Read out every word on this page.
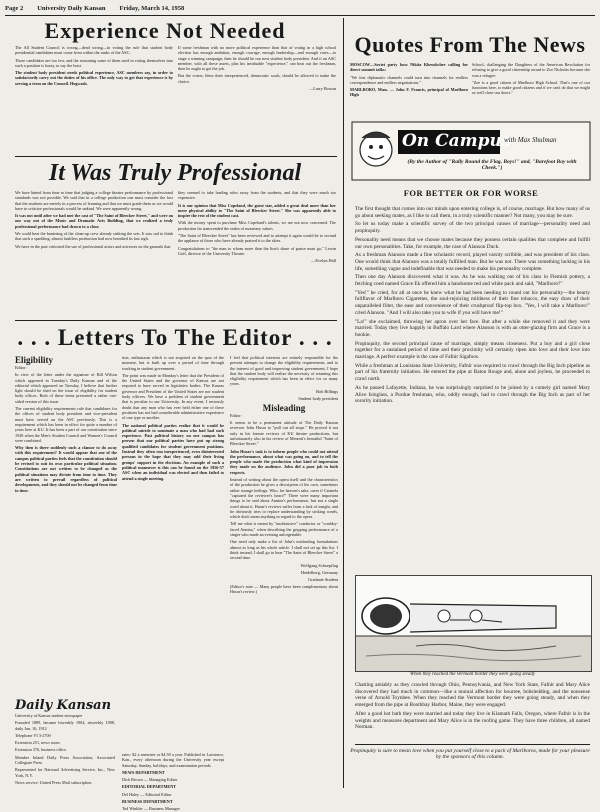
Page 2 University Daily Kansan Friday, March 14, 1958
Experience Not Needed

The All Student Council is wrong—dead wrong—in voting the rule that student body presidential candidates must come from within the ranks of the ASC.

Those candidates are too few, and the reasoning some of them used in voting themselves into such a position is fuzzy, to say the least.

The student body president needs political experience, ASC members say, in order to satisfactorily carry out the duties of his office. The only way to get that experience is by serving a term on the Council. Hogwash.

If some freshman with no more political experience than that of voting in a high school election has enough ambition, enough courage, enough leadership—and enough votes—to stage a winning campaign, then he should be our next student body president. And if an ASC member, with all these assets, plus his invaluable "experience," can beat out the freshman, then he ought to get the job.

But the voters, bless their inexperienced, democratic souls, should be allowed to make the choice.

—Larry Boston

It Was Truly Professional

We have hinted from time to time that judging a college theater performance by professional standards was not possible. We said that in a college production one must consider the fact that the students are merely in a process of learning and that we must grade them as we would have to criticize professionals would be unkind. We were apparently wrong.

It was not until after we had met the cast of "The Saint of Bleecker Street," and were on our way out of the Music and Dramatic Arts Building, that we realized a truly professional performance had drawn to a close.

We could hear the bantering of the clean-up crew already striking the sets. It was sad to think that such a sparkling, almost faultless production had now breathed its last sigh.

We have in the past criticized the use of professional actors and actresses on the grounds that

they seemed to take leading roles away from the students, and that they were much too expensive.

It is our opinion that Miss Copeland, the guest star, added a great deal more than her mere physical ability to "The Saint of Bleecker Street." She was apparently able to inspire the rest of the student cast.

With the money spent to purchase Miss Copeland's talents, we are not now concerned. The production far transcended the realm of monetary values.

"The Saint of Bleecker Street" has been reviewed and to attempt it again would be to second the applause of those who have already praised it to the skies.

Congratulations to "the man to whom more than the lion's share of praise must go," Lewin Goff, director of the University Theatre.

—Evelyn Hall

. . . Letters To The Editor . . .
Eligibility

Editor:

In view of the letter under the signature of Bill Wilson which appeared in Tuesday's Daily Kansan and of the editorial which appeared on Tuesday, I believe that further light should be shed on the issue of eligibility for student body offices. Both of these items presented a rather one-sided version of this issue.

The current eligibility requirements rule that candidates for the offices of student body president and vice-president must have served on the ASC previously. This is a requirement which has been in effect for quite a number of years here at KU. It has been a part of our constitution since 1949 when the Men's Student Council and Women's Council were combined.

Why then is there suddenly such a clamor to do away with this requirement? It would appear that one of the campus political parties feels that the constitution should be revised to suit its own particular political situation. Constitutions are not written to be changed as the political situations may dictate from time to time. They are written to prevail regardless of political developments, and they should not be changed from time to time.

tion, enthusiasm which is not acquired on the spur of the moment, but is built up over a period of time through working in student government.

The point was made in Monday's letter that the President of the United States and the governor of Kansas are not required to have served in legislative bodies. The Kansas governor and President of the United States are not student body officers. We have a problem of student government that is peculiar to our University. In any event, I seriously doubt that any man who has ever held either one of these positions has not had considerable administrative experience of one type or another.

The national political parties realize that it would be political suicide to nominate a man who had had such experience. Past political history on our campus has proven that our political parties have put up strong qualified candidates for student government positions. Instead they often run inexperienced, even disinterested persons in the hope that they may add their living groups' support in the elections. An example of such a political maneuver is this can be found on the 1956-57 ASC when an individual was elected and then failed to attend a single meeting.

I feel that political interests are entirely responsible for the present attempts to change the eligibility requirements, and to the interest of good and improving student government, I hope that the student body will realize the necessity of retaining this eligibility requirement which has been in effect for so many years.

Bob Billings

Student body president

Misleading

Editor:

It seems to be a permanent attitude of The Daily Kansan reviewer John Husar to "pull out all stops." He proved it not only in his former reviews of KU theatre productions, but unfortunately also in his review of Menotti's beautiful "Saint of Bleecker Street."

John Husar's task is to inform people who could not attend the performance, about what was going on, and to tell the people who made the production what kind of impression they made on the audience. John did a poor job in both respects.

Instead of writing about the opera itself and the characteristics of the production he gives a description of his own, sometimes rather strange feelings. Who, for heaven's sake, cares if Carmela "captured the reviewer's heart?" There were many important things to be said about Annina's performance, but not a single word about it. Husar's reviews suffer from a lack of insight, and he obviously tries to replace understanding by striking words, which don't mean anything in regard to the opera.

Tell me what is meant by "unobtrusive" conductor or "scrubby-faced Annina," when describing the gripping performance of a singer who made an evening unforgettable.

One need only make a list of John's misleading formulations almost as long as his whole article. I shall not set up this list. I think instead, I shall go to hear "The Saint of Bleecker Street" a second time.

Wolfgang Schoepflug

Heidelberg, Germany

Graduate Student

(Editor's note — Many people have been complimentary about Husar's review.)

Daily Kansan
University of Kansas student newspaper
Founded 1889, became biweekly 1904, triweekly 1908, daily Jan. 16, 1912
Telephone VI 3-2700
Extension 251, news room
Extension 376, business office
Member Inland Daily Press Association, Associated Collegiate Press
Represented for National Advertising Service, Inc., New York, N.Y.
News service: United Press Mail subscription
rates: $2 a semester or $4.50 a year. Published in Lawrence, Kan., every afternoon during the University year except Saturday, Sunday, holidays, and examination periods.
NEWS DEPARTMENT
Dick Brown — Managing Editor
EDITORIAL DEPARTMENT
Del Haley — Editorial Editor
BUSINESS DEPARTMENT
Ted Winkler — Business Manager
Quotes From The News

MOSCOW—Soviet party boss Nikita Khrushchev calling for direct summit talks:

"We fear diplomatic channels could turn into channels for endless correspondence and endless negotiations."

MARLBORO, Mass. — John F. Francis, principal of Marlboro High

School, challenging the Daughters of the American Revolution for refusing to give a good citizenship award to Zoe Nicholas because she was a refugee:

"Zoe is a good citizen of Marlboro High School. That's one of our functions here, to make good citizens and if we can't do that we might as well close our doors."

On Campus
with Max Shulman
(By the Author of "Rally Round the Flag, Boys!" and, "Barefoot Boy with Cheek.")
FOR BETTER OR FOR WORSE

The first thought that comes into our minds upon entering college is, of course, marriage. But how many of us go about seeking mates, as I like to call them, in a truly scientific manner? Not many, you may be sure.

So let us today make a scientific survey of the two principal causes of marriage—personality need and propinquity.

Personality need means that we choose mates because they possess certain qualities that complete and fulfill our own personalities. Take, for example, the case of Alanson Duck.

As a freshman Alanson made a fine scholastic record, played varsity scribble, and was president of his class. One would think that Alanson was a totally fulfilled man. But he was not. There was something lacking in his life, something vague and indefinable that was needed to make his personality complete.

Then one day Alanson discovered what it was. As he was walking out of his class in Flemish pottery, a fetching coed named Grace Ek offered him a handsome red and white pack and said, "Marlboro?"

"Yes!" he cried, for all at once he knew what he had been needing to round out his personality—the hearty fullflavor of Marlboro Cigarettes, the soul-rejoicing mildness of their fine tobacco, the easy draw of their unparalleled filter, the ease and convenience of their crushproof flip-top box. "Yes, I will take a Marlboro!" cried Alanson. "And I will also take you to wife if you will have me!"

"La!" she exclaimed, throwing her apron over her face. But after a while she removed it and they were married. Today they live happily in Buffalo Lard where Alanson is with an otter-glazing firm and Grace is a bookie.

Propinquity, the second principal cause of marriage, simply means closeness. Put a boy and a girl close together for a sustained period of time and their proximity will certainly ripen into love and their love into marriage. A perfect example is the case of Fafnir Sigafoos.

While a freshman at Louisiana State University, Fafnir was required to crawl through the Big Inch pipeline as part of his fraternity initiation. He entered the pipe at Baton Rouge and, alone and joyless, he proceeded to crawl north.

As he passed Lafayette, Indiana, he was surprisingly surprised to be joined by a comely girl named Mary Alice Isinglass, a Purdue freshman, who, oddly enough, had to crawl through the Big Inch as part of her sorority initiation.

When they reached the Vermont border they were going steady

Chatting amiably as they crawled through Ohio, Pennsylvania, and New York State, Fafnir and Mary Alice discovered they had much in common—like a mutual affection for bourree, bobsledding, and the nonsense verse of Arnold Toynbee. When they reached the Vermont border they were going steady, and when they emerged from the pipe at Boothbay Harbor, Maine, they were engaged.

After a good hot bath they were married and today they live in Klamath Falls, Oregon, where Fafnir is in the weights and measures department and Mary Alice is in the roofing game. They have three children, all named Norman.

Propinquity is sure to mean love when you put yourself close to a pack of Marlboros, made for your pleasure by the sponsors of this column.
